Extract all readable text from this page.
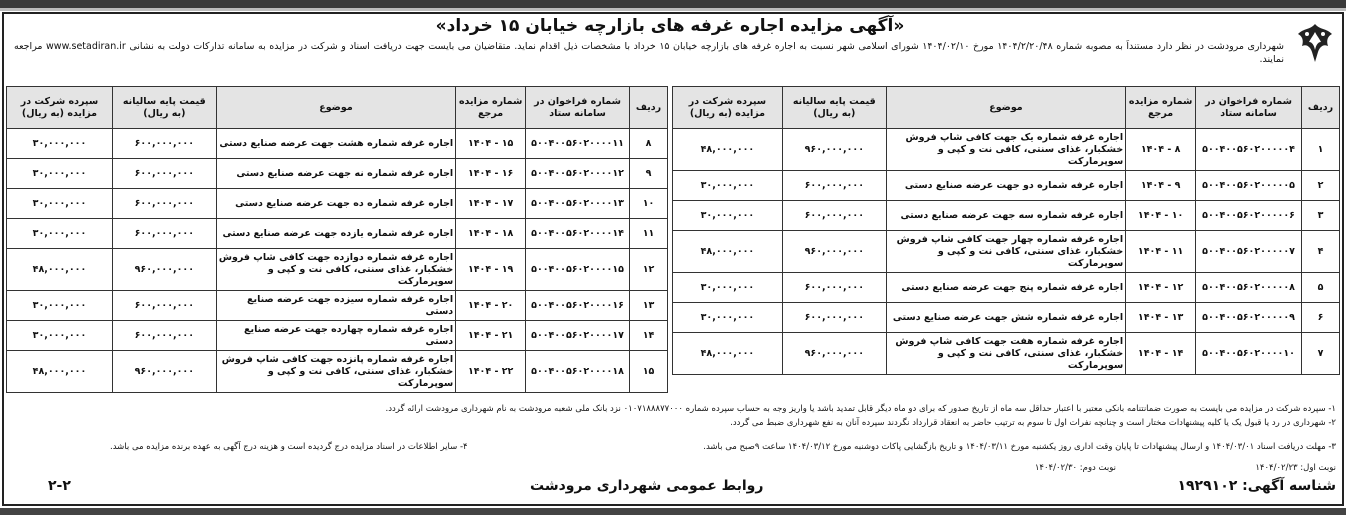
«آگهی مزایده اجاره غرفه های بازارچه خیابان ۱۵ خرداد»
شهرداری مرودشت در نظر دارد مستنداً به مصوبه شماره ۱۴۰۴/۲/۲۰/۴۸ مورخ ۱۴۰۴/۰۲/۱۰ شورای اسلامی شهر نسبت به اجاره غرفه های بازارچه خیابان ۱۵ خرداد با مشخصات ذیل اقدام نماید. متقاضیان می بایست جهت دریافت اسناد و شرکت در مزایده به سامانه تدارکات دولت به نشانی www.setadiran.ir مراجعه نمایند.
ردیف	شماره فراخوان در سامانه ستاد	شماره مزایده مرجع	موضوع	قیمت پایه سالیانه (به ریال)	سپرده شرکت در مزایده (به ریال)
۱	۵۰۰۴۰۰۵۶۰۲۰۰۰۰۰۴	۸ - ۱۴۰۴	اجاره غرفه شماره یک جهت کافی شاپ فروش خشکبار، غذای سنتی، کافی نت و کپی و سوپرمارکت	۹۶۰,۰۰۰,۰۰۰	۴۸,۰۰۰,۰۰۰
۲	۵۰۰۴۰۰۵۶۰۲۰۰۰۰۰۵	۹ - ۱۴۰۴	اجاره غرفه شماره دو جهت عرضه صنایع دستی	۶۰۰,۰۰۰,۰۰۰	۳۰,۰۰۰,۰۰۰
۳	۵۰۰۴۰۰۵۶۰۲۰۰۰۰۰۶	۱۰ - ۱۴۰۴	اجاره غرفه شماره سه جهت عرضه صنایع دستی	۶۰۰,۰۰۰,۰۰۰	۳۰,۰۰۰,۰۰۰
۴	۵۰۰۴۰۰۵۶۰۲۰۰۰۰۰۷	۱۱ - ۱۴۰۴	اجاره غرفه شماره چهار جهت کافی شاپ فروش خشکبار، غذای سنتی، کافی نت و کپی و سوپرمارکت	۹۶۰,۰۰۰,۰۰۰	۴۸,۰۰۰,۰۰۰
۵	۵۰۰۴۰۰۵۶۰۲۰۰۰۰۰۸	۱۲ - ۱۴۰۴	اجاره غرفه شماره پنج جهت عرضه صنایع دستی	۶۰۰,۰۰۰,۰۰۰	۳۰,۰۰۰,۰۰۰
۶	۵۰۰۴۰۰۵۶۰۲۰۰۰۰۰۹	۱۳ - ۱۴۰۴	اجاره غرفه شماره شش جهت عرضه صنایع دستی	۶۰۰,۰۰۰,۰۰۰	۳۰,۰۰۰,۰۰۰
۷	۵۰۰۴۰۰۵۶۰۲۰۰۰۰۱۰	۱۴ - ۱۴۰۴	اجاره غرفه شماره هفت جهت کافی شاپ فروش خشکبار، غذای سنتی، کافی نت و کپی و سوپرمارکت	۹۶۰,۰۰۰,۰۰۰	۴۸,۰۰۰,۰۰۰
ردیف	شماره فراخوان در سامانه ستاد	شماره مزایده مرجع	موضوع	قیمت پایه سالیانه (به ریال)	سپرده شرکت در مزایده (به ریال)
۸	۵۰۰۴۰۰۵۶۰۲۰۰۰۰۱۱	۱۵ - ۱۴۰۴	اجاره غرفه شماره هشت جهت عرضه صنایع دستی	۶۰۰,۰۰۰,۰۰۰	۳۰,۰۰۰,۰۰۰
۹	۵۰۰۴۰۰۵۶۰۲۰۰۰۰۱۲	۱۶ - ۱۴۰۴	اجاره غرفه شماره نه جهت عرضه صنایع دستی	۶۰۰,۰۰۰,۰۰۰	۳۰,۰۰۰,۰۰۰
۱۰	۵۰۰۴۰۰۵۶۰۲۰۰۰۰۱۳	۱۷ - ۱۴۰۴	اجاره غرفه شماره ده جهت عرضه صنایع دستی	۶۰۰,۰۰۰,۰۰۰	۳۰,۰۰۰,۰۰۰
۱۱	۵۰۰۴۰۰۵۶۰۲۰۰۰۰۱۴	۱۸ - ۱۴۰۴	اجاره غرفه شماره یازده جهت عرضه صنایع دستی	۶۰۰,۰۰۰,۰۰۰	۳۰,۰۰۰,۰۰۰
۱۲	۵۰۰۴۰۰۵۶۰۲۰۰۰۰۱۵	۱۹ - ۱۴۰۴	اجاره غرفه شماره دوازده جهت کافی شاپ فروش خشکبار، غذای سنتی، کافی نت و کپی و سوپرمارکت	۹۶۰,۰۰۰,۰۰۰	۴۸,۰۰۰,۰۰۰
۱۳	۵۰۰۴۰۰۵۶۰۲۰۰۰۰۱۶	۲۰ - ۱۴۰۴	اجاره غرفه شماره سیزده جهت عرضه صنایع دستی	۶۰۰,۰۰۰,۰۰۰	۳۰,۰۰۰,۰۰۰
۱۴	۵۰۰۴۰۰۵۶۰۲۰۰۰۰۱۷	۲۱ - ۱۴۰۴	اجاره غرفه شماره چهارده جهت عرضه صنایع دستی	۶۰۰,۰۰۰,۰۰۰	۳۰,۰۰۰,۰۰۰
۱۵	۵۰۰۴۰۰۵۶۰۲۰۰۰۰۱۸	۲۲ - ۱۴۰۴	اجاره غرفه شماره پانزده جهت کافی شاپ فروش خشکبار، غذای سنتی، کافی نت و کپی و سوپرمارکت	۹۶۰,۰۰۰,۰۰۰	۴۸,۰۰۰,۰۰۰
۱- سپرده شرکت در مزایده می بایست به صورت ضمانتنامه بانکی معتبر با اعتبار حداقل سه ماه از تاریخ صدور که برای دو ماه دیگر قابل تمدید باشد یا واریز وجه به حساب سپرده شماره ۰۱۰۷۱۸۸۸۷۷۰۰۰ نزد بانک ملی شعبه مرودشت به نام شهرداری مرودشت ارائه گردد.
۲- شهرداری در رد یا قبول یک یا کلیه پیشنهادات مختار است و چنانچه نفرات اول تا سوم به ترتیب حاضر به انعقاد قرارداد نگردند سپرده آنان به نفع شهرداری ضبط می گردد.
۳- مهلت دریافت اسناد ۱۴۰۴/۰۳/۰۱ و ارسال پیشنهادات تا پایان وقت اداری روز یکشنبه مورخ ۱۴۰۴/۰۳/۱۱ و تاریخ بازگشایی پاکات دوشنبه مورخ ۱۴۰۴/۰۳/۱۲ ساعت ۹صبح می باشد.
۴- سایر اطلاعات در اسناد مزایده درج گردیده است و هزینه درج آگهی به عهده برنده مزایده می باشد.
نوبت اول: ۱۴۰۴/۰۲/۲۳
نوبت دوم: ۱۴۰۴/۰۲/۳۰
شناسه آگهی: ۱۹۲۹۱۰۲
روابط عمومی شهرداری مرودشت
۲-۲
